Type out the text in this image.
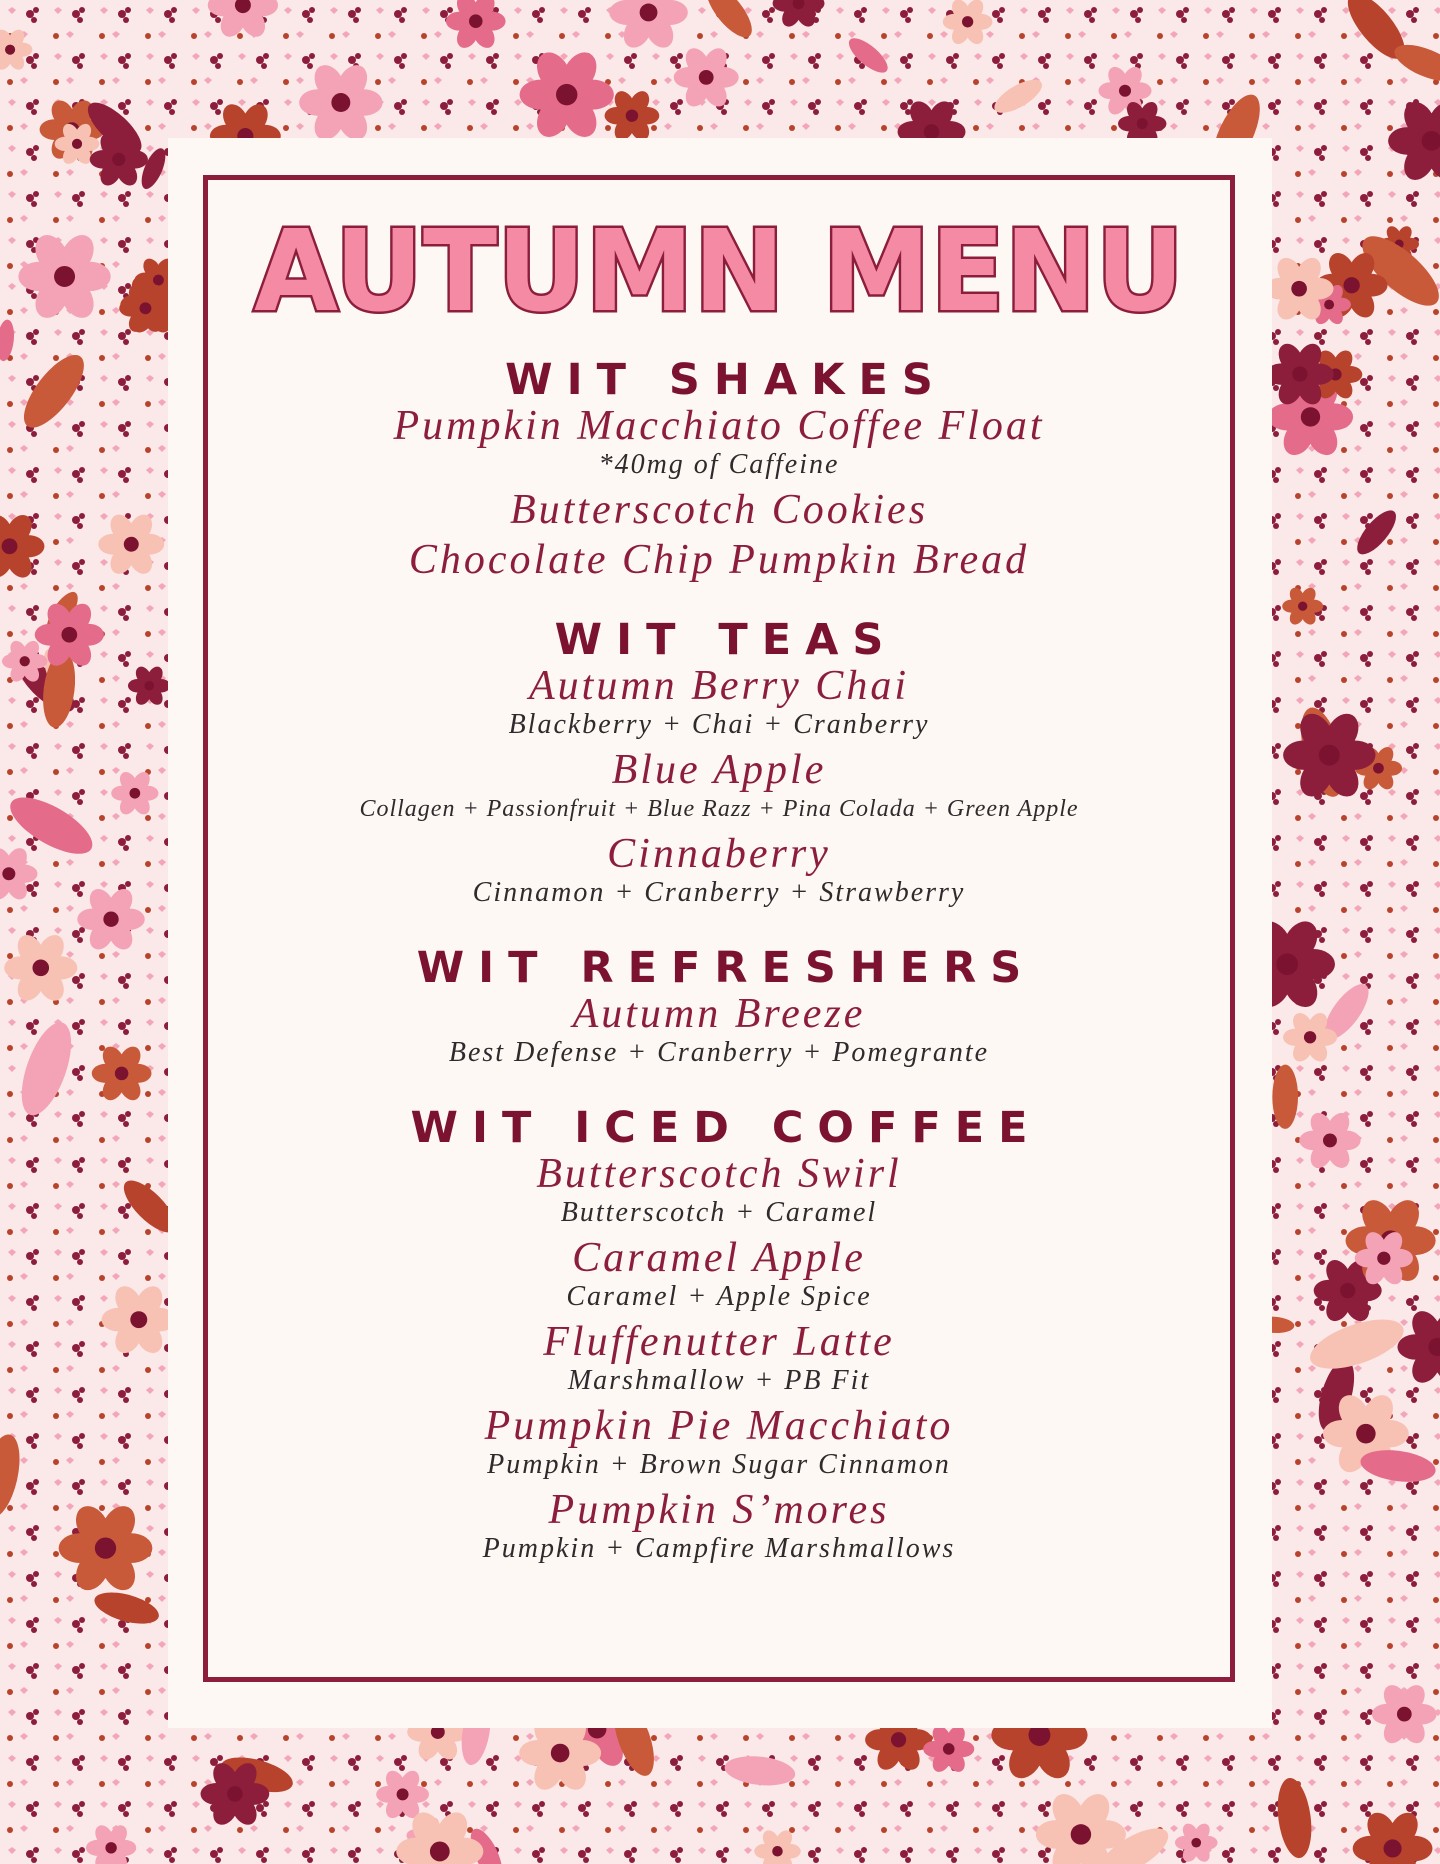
AUTUMN MENU
WIT SHAKES
Pumpkin Macchiato Coffee Float
*40mg of Caffeine
Butterscotch Cookies
Chocolate Chip Pumpkin Bread
WIT TEAS
Autumn Berry Chai
Blackberry + Chai + Cranberry
Blue Apple
Collagen + Passionfruit + Blue Razz + Pina Colada + Green Apple
Cinnaberry
Cinnamon + Cranberry + Strawberry
WIT REFRESHERS
Autumn Breeze
Best Defense + Cranberry + Pomegrante
WIT ICED COFFEE
Butterscotch Swirl
Butterscotch + Caramel
Caramel Apple
Caramel + Apple Spice
Fluffenutter Latte
Marshmallow + PB Fit
Pumpkin Pie Macchiato
Pumpkin + Brown Sugar Cinnamon
Pumpkin S’mores
Pumpkin + Campfire Marshmallows
